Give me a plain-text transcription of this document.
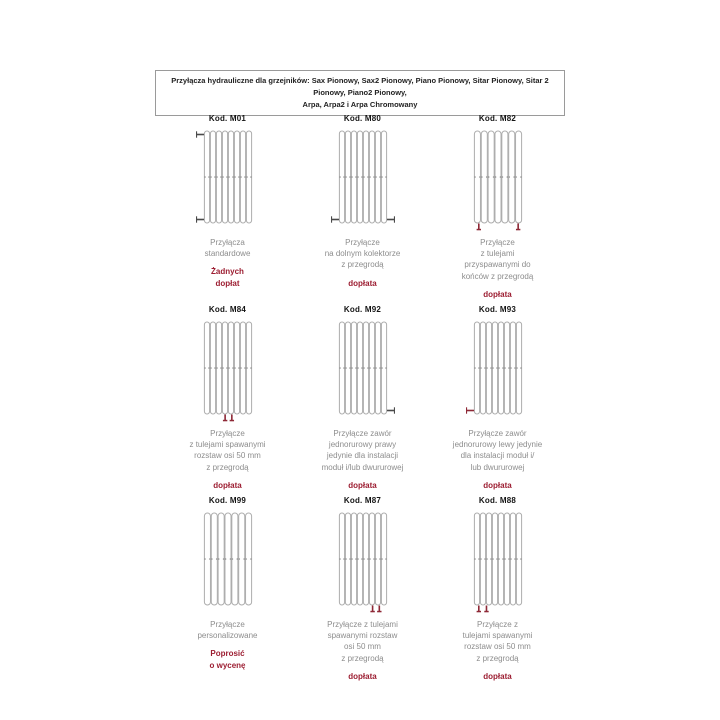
Przyłącza hydrauliczne dla grzejników: Sax Pionowy, Sax2 Pionowy, Piano Pionowy, Sitar Pionowy, Sitar 2 Pionowy, Piano2 Pionowy,
Arpa, Arpa2 i Arpa Chromowany
Kod. M01
Przyłącza
standardowe
Żadnych
dopłat
Kod. M80
Przyłącze
na dolnym kolektorze
z przegrodą
dopłata
Kod. M82
Przyłącze
z tulejami
przyspawanymi do
końców z przegrodą
dopłata
Kod. M84
Przyłącze
z tulejami spawanymi
rozstaw osi 50 mm
z przegrodą
dopłata
Kod. M92
Przyłącze zawór
jednorurowy prawy
jedynie dla instalacji
moduł i/lub dwururowej
dopłata
Kod. M93
Przyłącze zawór
jednorurowy lewy jedynie
dla instalacji moduł i/
lub dwururowej
dopłata
Kod. M99
Przyłącze
personalizowane
Poprosić
o wycenę
Kod. M87
Przyłącze z tulejami
spawanymi rozstaw
osi 50 mm
z przegrodą
dopłata
Kod. M88
Przyłącze z
tulejami spawanymi
rozstaw osi 50 mm
z przegrodą
dopłata
